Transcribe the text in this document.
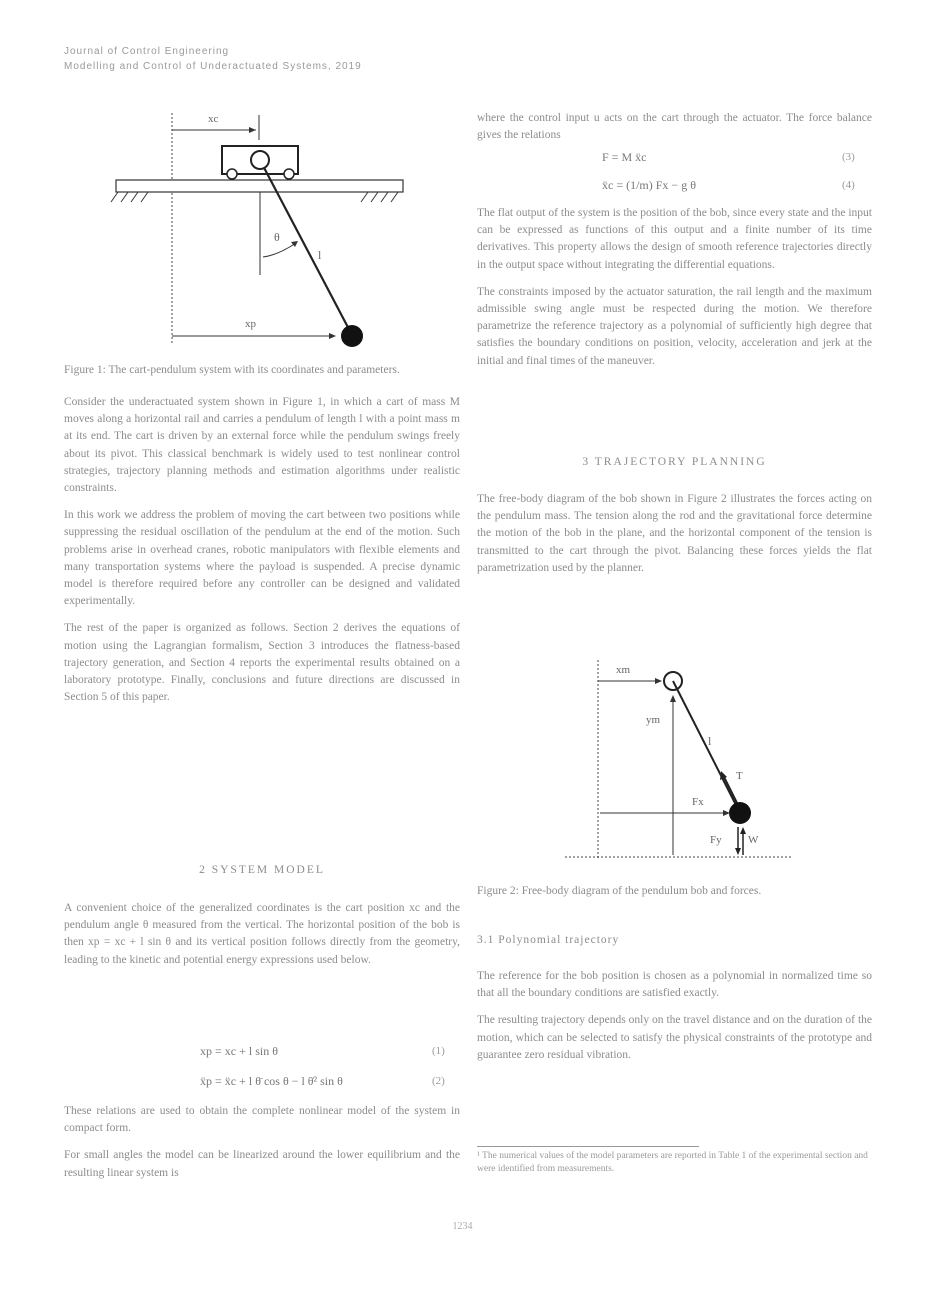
Journal of Control Engineering
Modelling and Control of Underactuated Systems, 2019
xc
θ
l
xp
Figure 1: The cart-pendulum system with its coordinates and parameters.

Consider the underactuated system shown in Figure 1, in which a cart of mass M moves along a horizontal rail and carries a pendulum of length l with a point mass m at its end. The cart is driven by an external force while the pendulum swings freely about its pivot. This classical benchmark is widely used to test nonlinear control strategies, trajectory planning methods and estimation algorithms under realistic constraints.

In this work we address the problem of moving the cart between two positions while suppressing the residual oscillation of the pendulum at the end of the motion. Such problems arise in overhead cranes, robotic manipulators with flexible elements and many transportation systems where the payload is suspended. A precise dynamic model is therefore required before any controller can be designed and validated experimentally.

The rest of the paper is organized as follows. Section 2 derives the equations of motion using the Lagrangian formalism, Section 3 introduces the flatness-based trajectory generation, and Section 4 reports the experimental results obtained on a laboratory prototype. Finally, conclusions and future directions are discussed in Section 5 of this paper.

2 SYSTEM MODEL

A convenient choice of the generalized coordinates is the cart position xc and the pendulum angle θ measured from the vertical. The horizontal position of the bob is then xp = xc + l sin θ and its vertical position follows directly from the geometry, leading to the kinetic and potential energy expressions used below.

xp = xc + l sin θ	(1)
ẍp = ẍc + l θ̈ cos θ − l θ̇² sin θ	(2)

These relations are used to obtain the complete nonlinear model of the system in compact form.

For small angles the model can be linearized around the lower equilibrium and the resulting linear system is

where the control input u acts on the cart through the actuator. The force balance gives the relations

F = M ẍc	(3)
ẍc = (1/m) Fx − g θ	(4)

The flat output of the system is the position of the bob, since every state and the input can be expressed as functions of this output and a finite number of its time derivatives. This property allows the design of smooth reference trajectories directly in the output space without integrating the differential equations.

The constraints imposed by the actuator saturation, the rail length and the maximum admissible swing angle must be respected during the motion. We therefore parametrize the reference trajectory as a polynomial of sufficiently high degree that satisfies the boundary conditions on position, velocity, acceleration and jerk at the initial and final times of the maneuver.

3 TRAJECTORY PLANNING

The free-body diagram of the bob shown in Figure 2 illustrates the forces acting on the pendulum mass. The tension along the rod and the gravitational force determine the motion of the bob in the plane, and the horizontal component of the tension is transmitted to the cart through the pivot. Balancing these forces yields the flat parametrization used by the planner.

xm
ym
l
T
Fx
Fy W
Figure 2: Free-body diagram of the pendulum bob and forces.
3.1 Polynomial trajectory

The reference for the bob position is chosen as a polynomial in normalized time so that all the boundary conditions are satisfied exactly.

The resulting trajectory depends only on the travel distance and on the duration of the motion, which can be selected to satisfy the physical constraints of the prototype and guarantee zero residual vibration.

¹ The numerical values of the model parameters are reported in Table 1 of the experimental section and were identified from measurements.
1234
